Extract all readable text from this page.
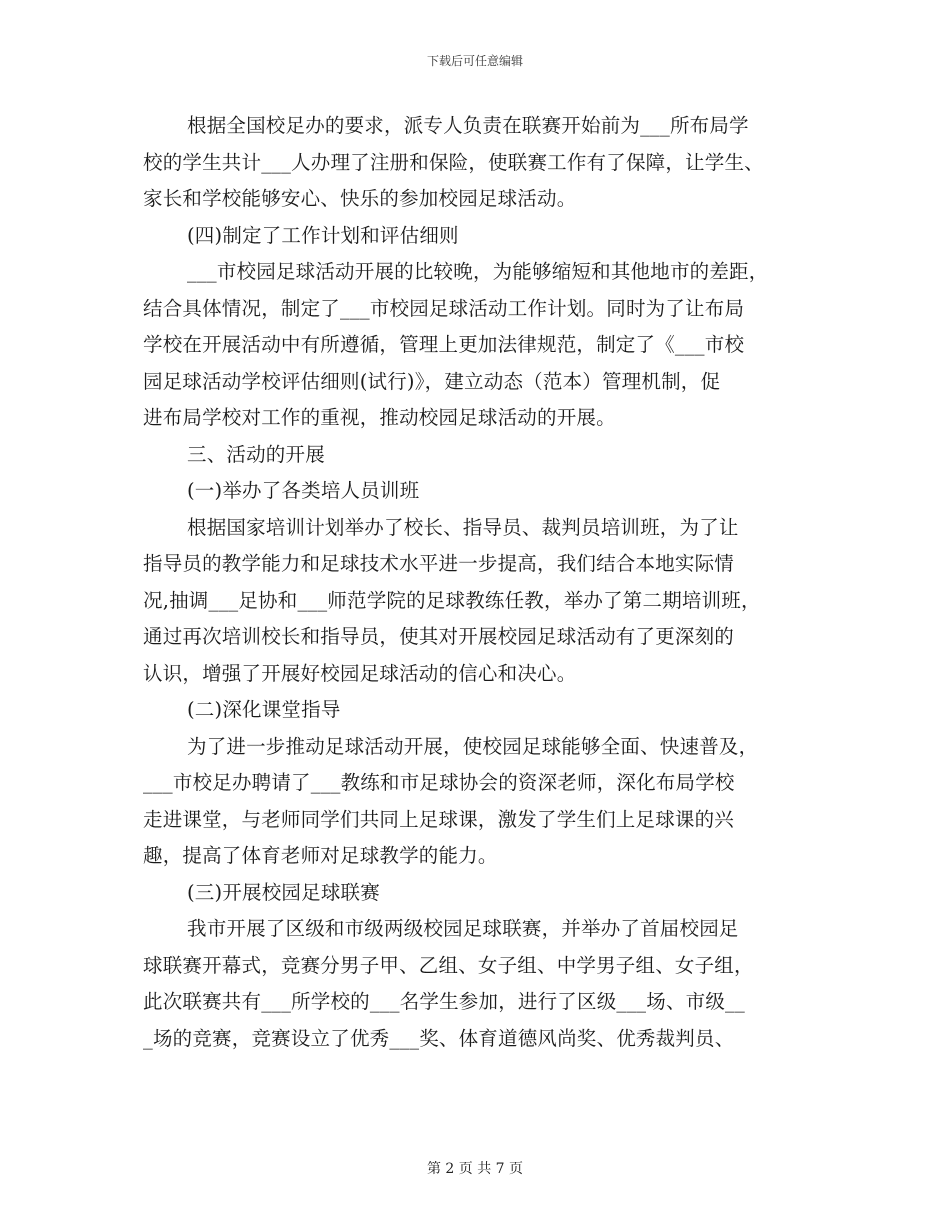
下载后可任意编辑
根据全国校足办的要求，派专人负责在联赛开始前为___所布局学
校的学生共计___人办理了注册和保险，使联赛工作有了保障，让学生、
家长和学校能够安心、快乐的参加校园足球活动。
(四)制定了工作计划和评估细则
___市校园足球活动开展的比较晚，为能够缩短和其他地市的差距，
结合具体情况，制定了___市校园足球活动工作计划。同时为了让布局
学校在开展活动中有所遵循，管理上更加法律规范，制定了《___市校
园足球活动学校评估细则(试行)》，建立动态（范本）管理机制，促
进布局学校对工作的重视，推动校园足球活动的开展。
三、活动的开展
(一)举办了各类培人员训班
根据国家培训计划举办了校长、指导员、裁判员培训班，为了让
指导员的教学能力和足球技术水平进一步提高，我们结合本地实际情
况,抽调___足协和___师范学院的足球教练任教，举办了第二期培训班，
通过再次培训校长和指导员，使其对开展校园足球活动有了更深刻的
认识，增强了开展好校园足球活动的信心和决心。
(二)深化课堂指导
为了进一步推动足球活动开展，使校园足球能够全面、快速普及，
___市校足办聘请了___教练和市足球协会的资深老师，深化布局学校
走进课堂，与老师同学们共同上足球课，激发了学生们上足球课的兴
趣，提高了体育老师对足球教学的能力。
(三)开展校园足球联赛
我市开展了区级和市级两级校园足球联赛，并举办了首届校园足
球联赛开幕式，竞赛分男子甲、乙组、女子组、中学男子组、女子组，
此次联赛共有___所学校的___名学生参加，进行了区级___场、市级__
_场的竞赛，竞赛设立了优秀___奖、体育道德风尚奖、优秀裁判员、
第 2 页 共 7 页
